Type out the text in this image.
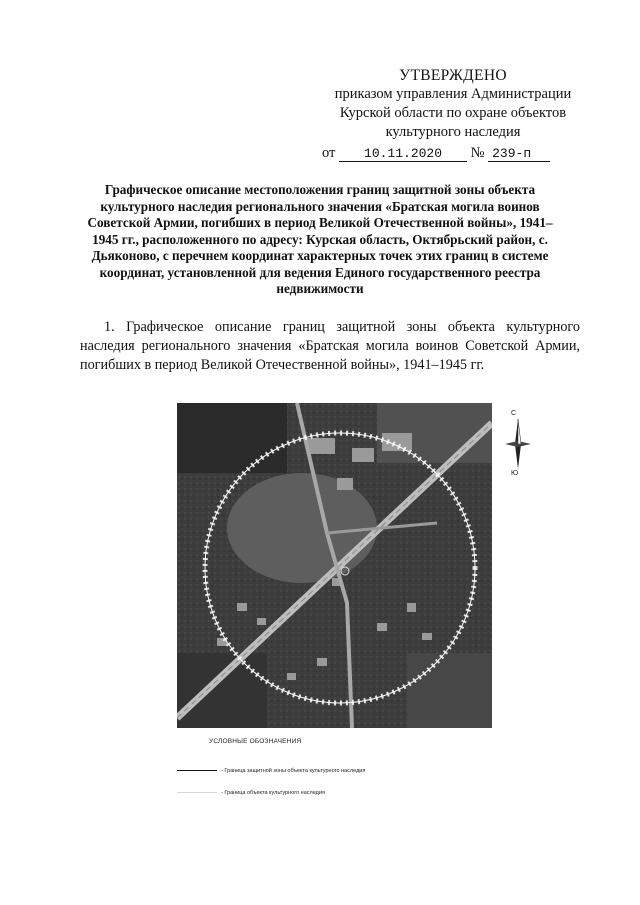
УТВЕРЖДЕНО
приказом управления Администрации
Курской области по охране объектов
культурного наследия
от 10.11.2020 № 239-п
Графическое описание местоположения границ защитной зоны объекта культурного наследия регионального значения «Братская могила воинов Советской Армии, погибших в период Великой Отечественной войны», 1941–1945 гг., расположенного по адресу: Курская область, Октябрьский район, с. Дьяконово, с перечнем координат характерных точек этих границ в системе координат, установленной для ведения Единого государственного реестра недвижимости
1. Графическое описание границ защитной зоны объекта культурного наследия регионального значения «Братская могила воинов Советской Армии, погибших в период Великой Отечественной войны», 1941–1945 гг.
С
Ю
УСЛОВНЫЕ ОБОЗНАЧЕНИЯ
- Граница защитной зоны объекта культурного наследия
- Граница объекта культурного наследия
